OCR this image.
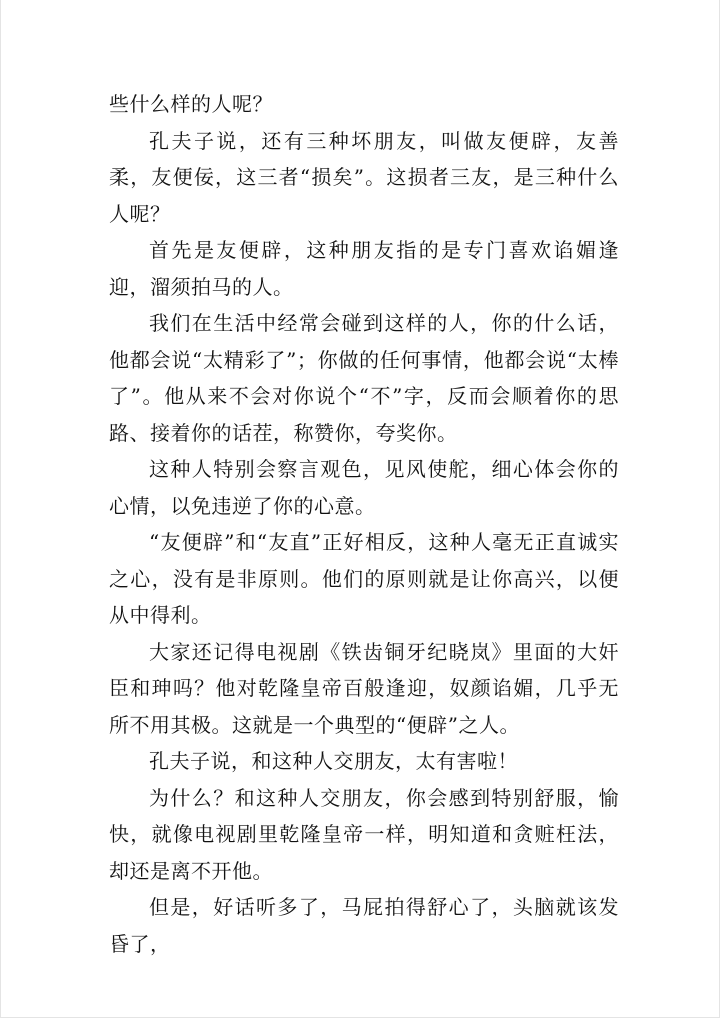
些什么样的人呢？

孔夫子说，还有三种坏朋友，叫做友便辟，友善柔，友便佞，这三者“损矣”。这损者三友，是三种什么人呢？

首先是友便辟，这种朋友指的是专门喜欢谄媚逢迎，溜须拍马的人。

我们在生活中经常会碰到这样的人，你的什么话，他都会说“太精彩了”；你做的任何事情，他都会说“太棒了”。他从来不会对你说个“不”字，反而会顺着你的思路、接着你的话茬，称赞你，夸奖你。

这种人特别会察言观色，见风使舵，细心体会你的心情，以免违逆了你的心意。

“友便辟”和“友直”正好相反，这种人毫无正直诚实之心，没有是非原则。他们的原则就是让你高兴，以便从中得利。

大家还记得电视剧《铁齿铜牙纪晓岚》里面的大奸臣和珅吗？他对乾隆皇帝百般逢迎，奴颜谄媚，几乎无所不用其极。这就是一个典型的“便辟”之人。

孔夫子说，和这种人交朋友，太有害啦！

为什么？和这种人交朋友，你会感到特别舒服，愉快，就像电视剧里乾隆皇帝一样，明知道和贪赃枉法，却还是离不开他。

但是，好话听多了，马屁拍得舒心了，头脑就该发昏了，
